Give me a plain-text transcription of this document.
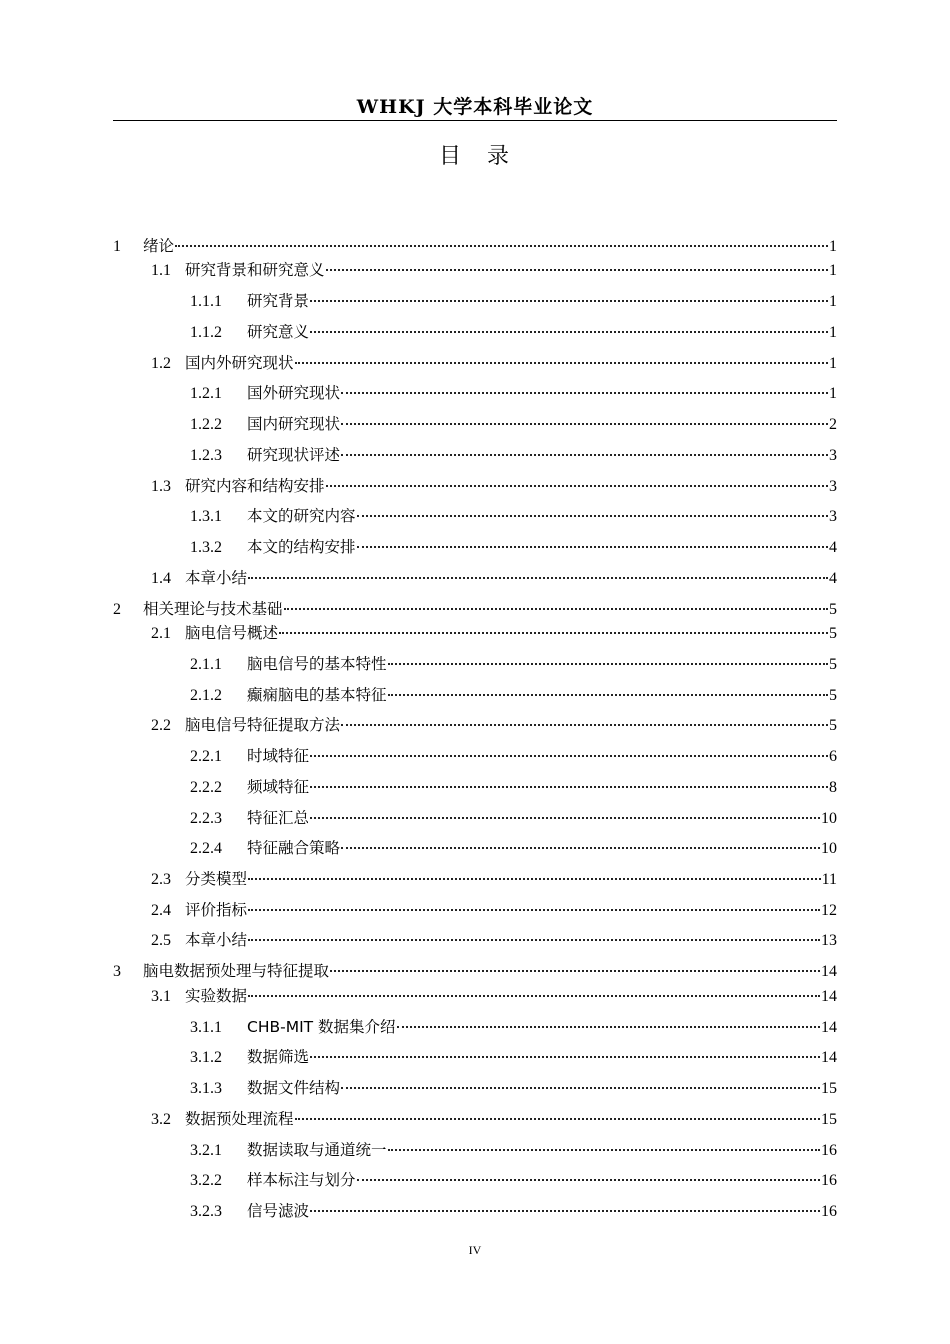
WHKJ 大学本科毕业论文
目　录
1	绪论	1
1.1 研究背景和研究意义	1
1.1.1	研究背景	1
1.1.2	研究意义	1
1.2 国内外研究现状	1
1.2.1	国外研究现状	1
1.2.2	国内研究现状	2
1.2.3	研究现状评述	3
1.3 研究内容和结构安排	3
1.3.1	本文的研究内容	3
1.3.2	本文的结构安排	4
1.4 本章小结	4
2	相关理论与技术基础	5
2.1 脑电信号概述	5
2.1.1	脑电信号的基本特性	5
2.1.2	癫痫脑电的基本特征	5
2.2 脑电信号特征提取方法	5
2.2.1	时域特征	6
2.2.2	频域特征	8
2.2.3	特征汇总	10
2.2.4	特征融合策略	10
2.3 分类模型	11
2.4 评价指标	12
2.5 本章小结	13
3	脑电数据预处理与特征提取	14
3.1 实验数据	14
3.1.1	CHB-MIT 数据集介绍	14
3.1.2	数据筛选	14
3.1.3	数据文件结构	15
3.2 数据预处理流程	15
3.2.1	数据读取与通道统一	16
3.2.2	样本标注与划分	16
3.2.3	信号滤波	16
IV
